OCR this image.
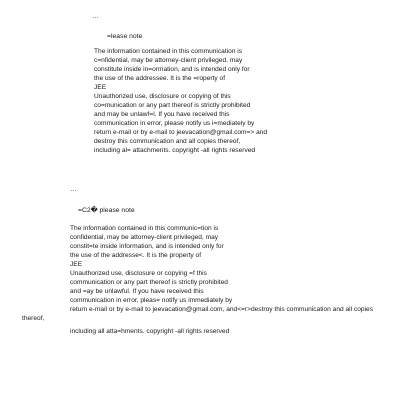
…
=lease note
The information contained in this communication is
c=nfidential, may be attorney-client privileged, may
constitute inside in=ormation, and is intended only for
the use of the addressee. It is the =roperty of
JEE
Unauthorized use, disclosure or copying of this
co=munication or any part thereof is strictly prohibited
and may be unlawf=l. If you have received this
communication in error, please notify us i=mediately by
return e-mail or by e-mail to jeevacation@gmail.com=> and
destroy this communication and all copies thereof,
including al= attachments. copyright -all rights reserved
…
=C2� please note
The information contained in this communic=tion is
confidential, may be attorney-client privileged, may
constit=te inside information, and is intended only for
the use of the addresse<. It is the property of
JEE
Unauthorized use, disclosure or copying =f this
communication or any part thereof is strictly prohibited
and =ay be unlawful. If you have received this
communication in error, pleas= notify us immediately by
return e-mail or by e-mail to jeevacation@gmail.com, and<=r>destroy this communication and all copies
thereof,
including all atta=hments. copyright -all rights reserved
